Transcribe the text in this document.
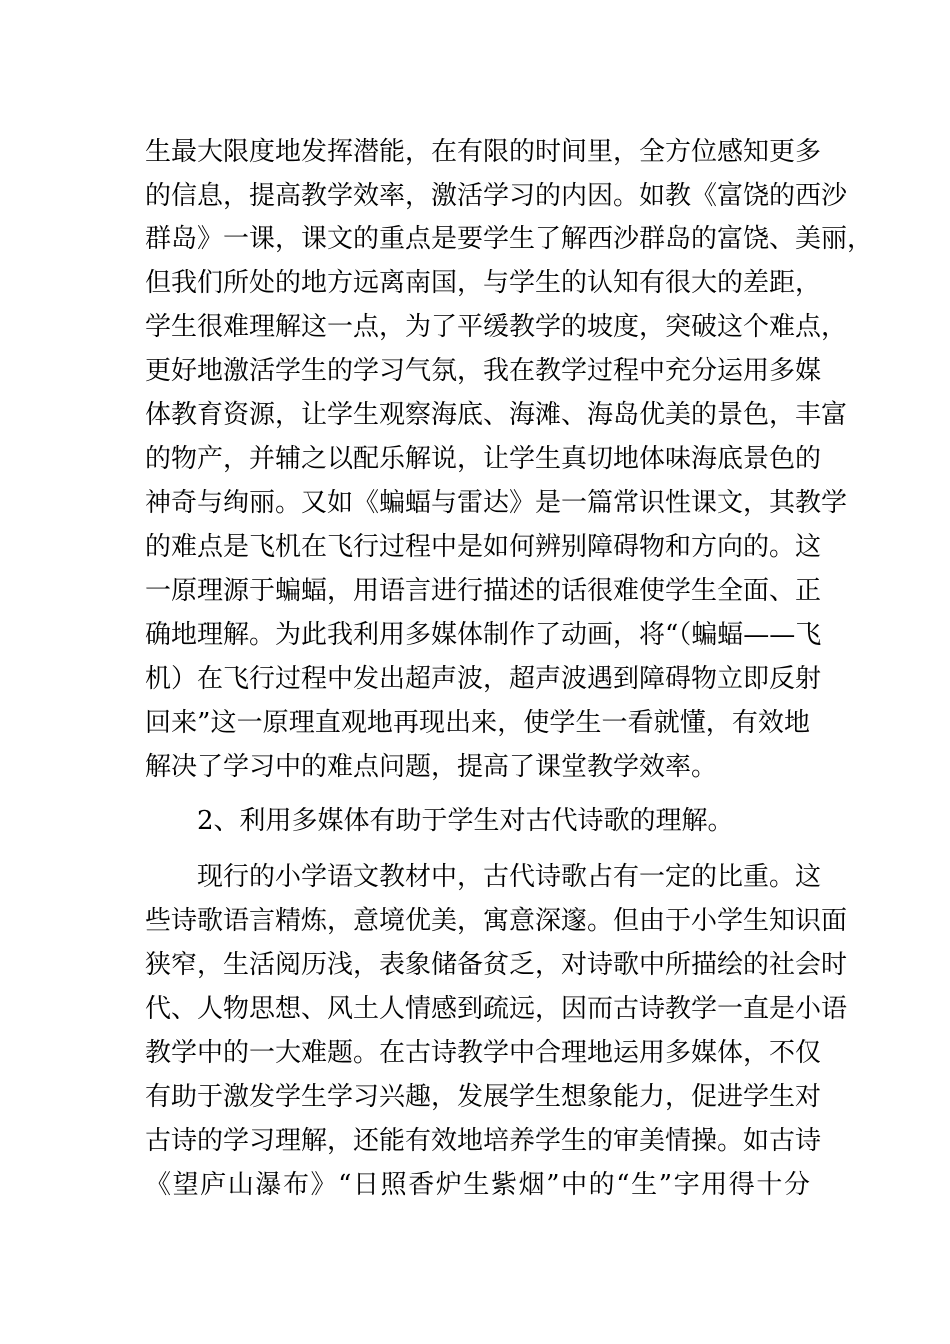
生最大限度地发挥潜能，在有限的时间里，全方位感知更多
的信息，提高教学效率，激活学习的内因。如教《富饶的西沙
群岛》一课，课文的重点是要学生了解西沙群岛的富饶、美丽，
但我们所处的地方远离南国，与学生的认知有很大的差距，
学生很难理解这一点，为了平缓教学的坡度，突破这个难点，
更好地激活学生的学习气氛，我在教学过程中充分运用多媒
体教育资源，让学生观察海底、海滩、海岛优美的景色，丰富
的物产，并辅之以配乐解说，让学生真切地体味海底景色的
神奇与绚丽。又如《蝙蝠与雷达》是一篇常识性课文，其教学
的难点是飞机在飞行过程中是如何辨别障碍物和方向的。这
一原理源于蝙蝠，用语言进行描述的话很难使学生全面、正
确地理解。为此我利用多媒体制作了动画，将“（蝙蝠——飞
机）在飞行过程中发出超声波，超声波遇到障碍物立即反射
回来”这一原理直观地再现出来，使学生一看就懂，有效地
解决了学习中的难点问题，提高了课堂教学效率。
2、利用多媒体有助于学生对古代诗歌的理解。
现行的小学语文教材中，古代诗歌占有一定的比重。这
些诗歌语言精炼，意境优美，寓意深邃。但由于小学生知识面
狭窄，生活阅历浅，表象储备贫乏，对诗歌中所描绘的社会时
代、人物思想、风土人情感到疏远，因而古诗教学一直是小语
教学中的一大难题。在古诗教学中合理地运用多媒体，不仅
有助于激发学生学习兴趣，发展学生想象能力，促进学生对
古诗的学习理解，还能有效地培养学生的审美情操。如古诗
《望庐山瀑布》“日照香炉生紫烟”中的“生”字用得十分
